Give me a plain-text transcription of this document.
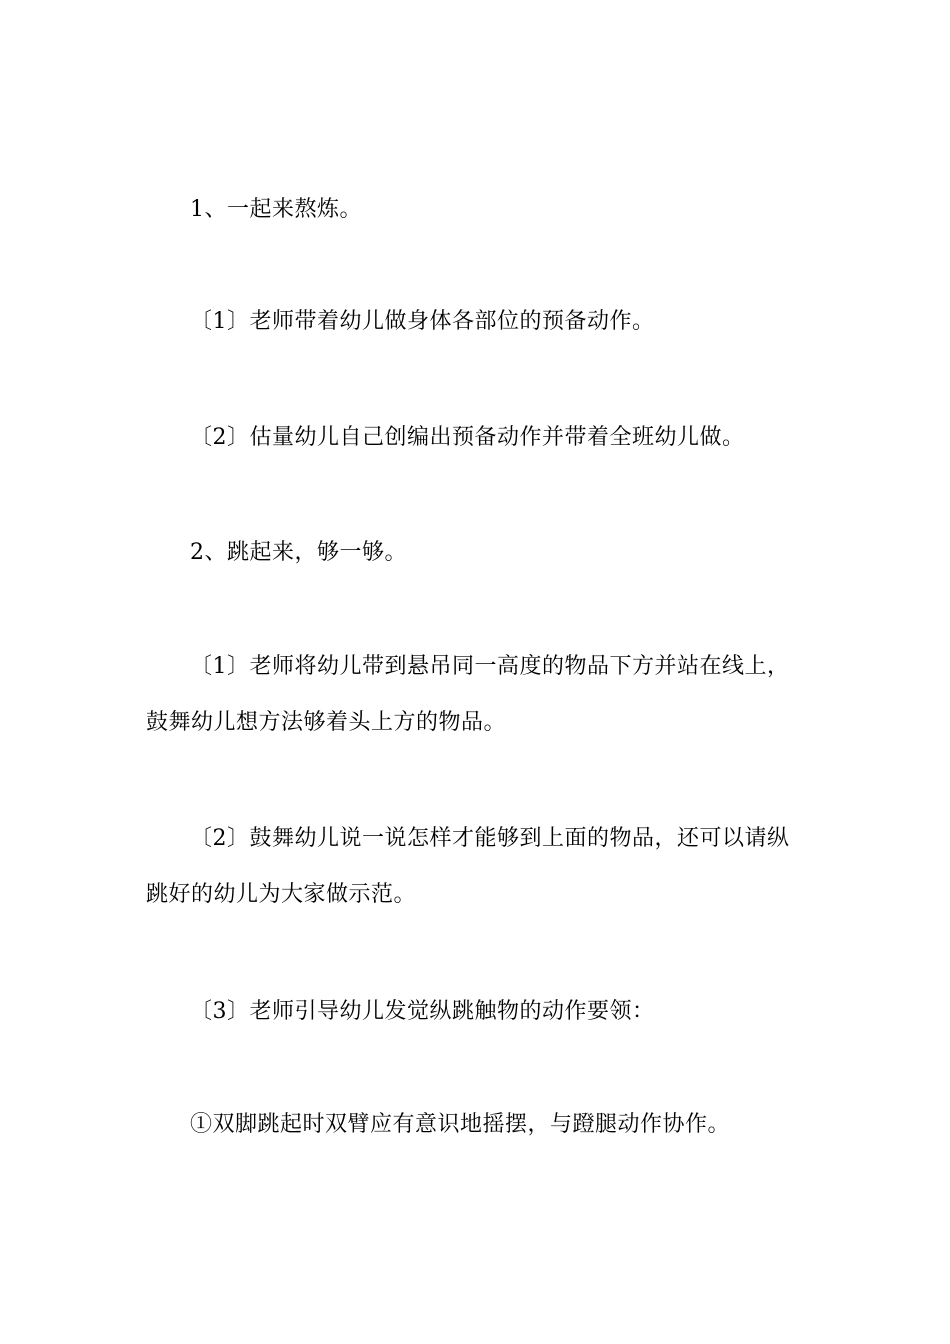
1、一起来熬炼。

〔1〕老师带着幼儿做身体各部位的预备动作。

〔2〕估量幼儿自己创编出预备动作并带着全班幼儿做。

2、跳起来，够一够。

〔1〕老师将幼儿带到悬吊同一高度的物品下方并站在线上，鼓舞幼儿想方法够着头上方的物品。

〔2〕鼓舞幼儿说一说怎样才能够到上面的物品，还可以请纵跳好的幼儿为大家做示范。

〔3〕老师引导幼儿发觉纵跳触物的动作要领：

①双脚跳起时双臂应有意识地摇摆，与蹬腿动作协作。
